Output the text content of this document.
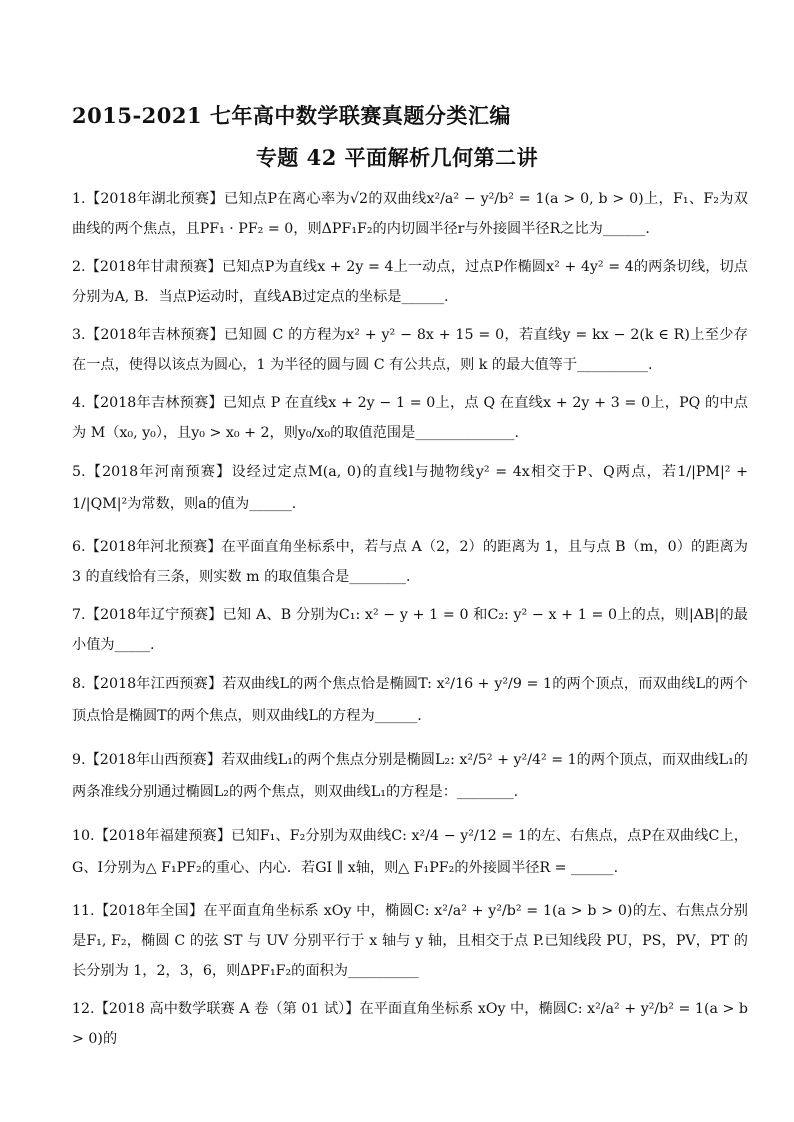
2015-2021 七年高中数学联赛真题分类汇编
专题 42 平面解析几何第二讲

1.【2018年湖北预赛】已知点P在离心率为√2的双曲线x²/a² − y²/b² = 1(a > 0, b > 0)上，F₁、F₂为双曲线的两个焦点，且PF₁ · PF₂ = 0，则ΔPF₁F₂的内切圆半径r与外接圆半径R之比为______.

2.【2018年甘肃预赛】已知点P为直线x + 2y = 4上一动点，过点P作椭圆x² + 4y² = 4的两条切线，切点分别为A, B．当点P运动时，直线AB过定点的坐标是______.

3.【2018年吉林预赛】已知圆 C 的方程为x² + y² − 8x + 15 = 0，若直线y = kx − 2(k ∈ R)上至少存在一点，使得以该点为圆心，1 为半径的圆与圆 C 有公共点，则 k 的最大值等于__________.

4.【2018年吉林预赛】已知点 P 在直线x + 2y − 1 = 0上，点 Q 在直线x + 2y + 3 = 0上，PQ 的中点为 M（x₀, y₀），且y₀ > x₀ + 2，则y₀/x₀的取值范围是______________.

5.【2018年河南预赛】设经过定点M(a, 0)的直线l与抛物线y² = 4x相交于P、Q两点，若1/|PM|² + 1/|QM|²为常数，则a的值为______.

6.【2018年河北预赛】在平面直角坐标系中，若与点 A（2，2）的距离为 1，且与点 B（m，0）的距离为 3 的直线恰有三条，则实数 m 的取值集合是________.

7.【2018年辽宁预赛】已知 A、B 分别为C₁: x² − y + 1 = 0 和C₂: y² − x + 1 = 0上的点，则|AB|的最小值为_____.

8.【2018年江西预赛】若双曲线L的两个焦点恰是椭圆T: x²/16 + y²/9 = 1的两个顶点，而双曲线L的两个顶点恰是椭圆T的两个焦点，则双曲线L的方程为______.

9.【2018年山西预赛】若双曲线L₁的两个焦点分别是椭圆L₂: x²/5² + y²/4² = 1的两个顶点，而双曲线L₁的两条准线分别通过椭圆L₂的两个焦点，则双曲线L₁的方程是：________.

10.【2018年福建预赛】已知F₁、F₂分别为双曲线C: x²/4 − y²/12 = 1的左、右焦点，点P在双曲线C上，G、I分别为△ F₁PF₂的重心、内心．若GI ∥ x轴，则△ F₁PF₂的外接圆半径R = ______.

11.【2018年全国】在平面直角坐标系 xOy 中，椭圆C: x²/a² + y²/b² = 1(a > b > 0)的左、右焦点分别是F₁, F₂，椭圆 C 的弦 ST 与 UV 分别平行于 x 轴与 y 轴，且相交于点 P.已知线段 PU，PS，PV，PT 的长分别为 1，2，3，6，则ΔPF₁F₂的面积为__________

12.【2018 高中数学联赛 A 卷（第 01 试）】在平面直角坐标系 xOy 中，椭圆C: x²/a² + y²/b² = 1(a > b > 0)的
